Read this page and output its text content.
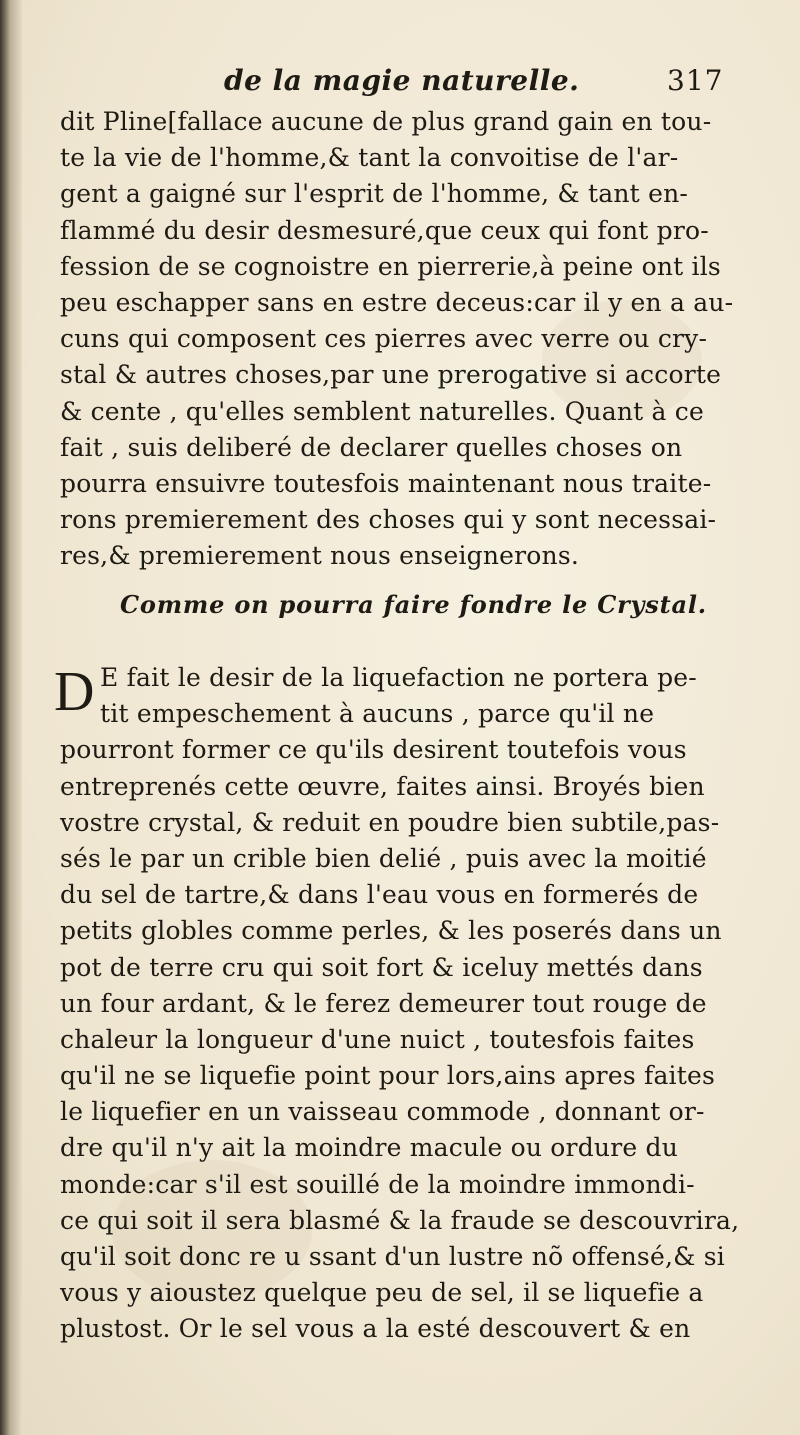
de la magie naturelle.	317
dit Pline[fallace aucune de plus grand gain en tou-
te la vie de l'homme,& tant la convoitise de l'ar-
gent a gaigné sur l'esprit de l'homme, & tant en-
flammé du desir desmesuré,que ceux qui font pro-
fession de se cognoistre en pierrerie,à peine ont ils
peu eschapper sans en estre deceus:car il y en a au-
cuns qui composent ces pierres avec verre ou cry-
stal & autres choses,par une prerogative si accorte
& cente , qu'elles semblent naturelles. Quant à ce
fait , suis deliberé de declarer quelles choses on
pourra ensuivre toutesfois maintenant nous traite-
rons premierement des choses qui y sont necessai-
res,& premierement nous enseignerons.
Comme on pourra faire fondre le Crystal.
D E fait le desir de la liquefaction ne portera pe-
tit empeschement à aucuns , parce qu'il ne
pourront former ce qu'ils desirent toutefois vous
entreprenés cette œuvre, faites ainsi. Broyés bien
vostre crystal, & reduit en poudre bien subtile,pas-
sés le par un crible bien delié , puis avec la moitié
du sel de tartre,& dans l'eau vous en formerés de
petits globles comme perles, & les poserés dans un
pot de terre cru qui soit fort & iceluy mettés dans
un four ardant, & le ferez demeurer tout rouge de
chaleur la longueur d'une nuict , toutesfois faites
qu'il ne se liquefie point pour lors,ains apres faites
le liquefier en un vaisseau commode , donnant or-
dre qu'il n'y ait la moindre macule ou ordure du
monde:car s'il est souillé de la moindre immondi-
ce qui soit il sera blasmé & la fraude se descouvrira,
qu'il soit donc re u ssant d'un lustre nõ offensé,& si
vous y aioustez quelque peu de sel, il se liquefie a
plustost. Or le sel vous a la esté descouvert & en
